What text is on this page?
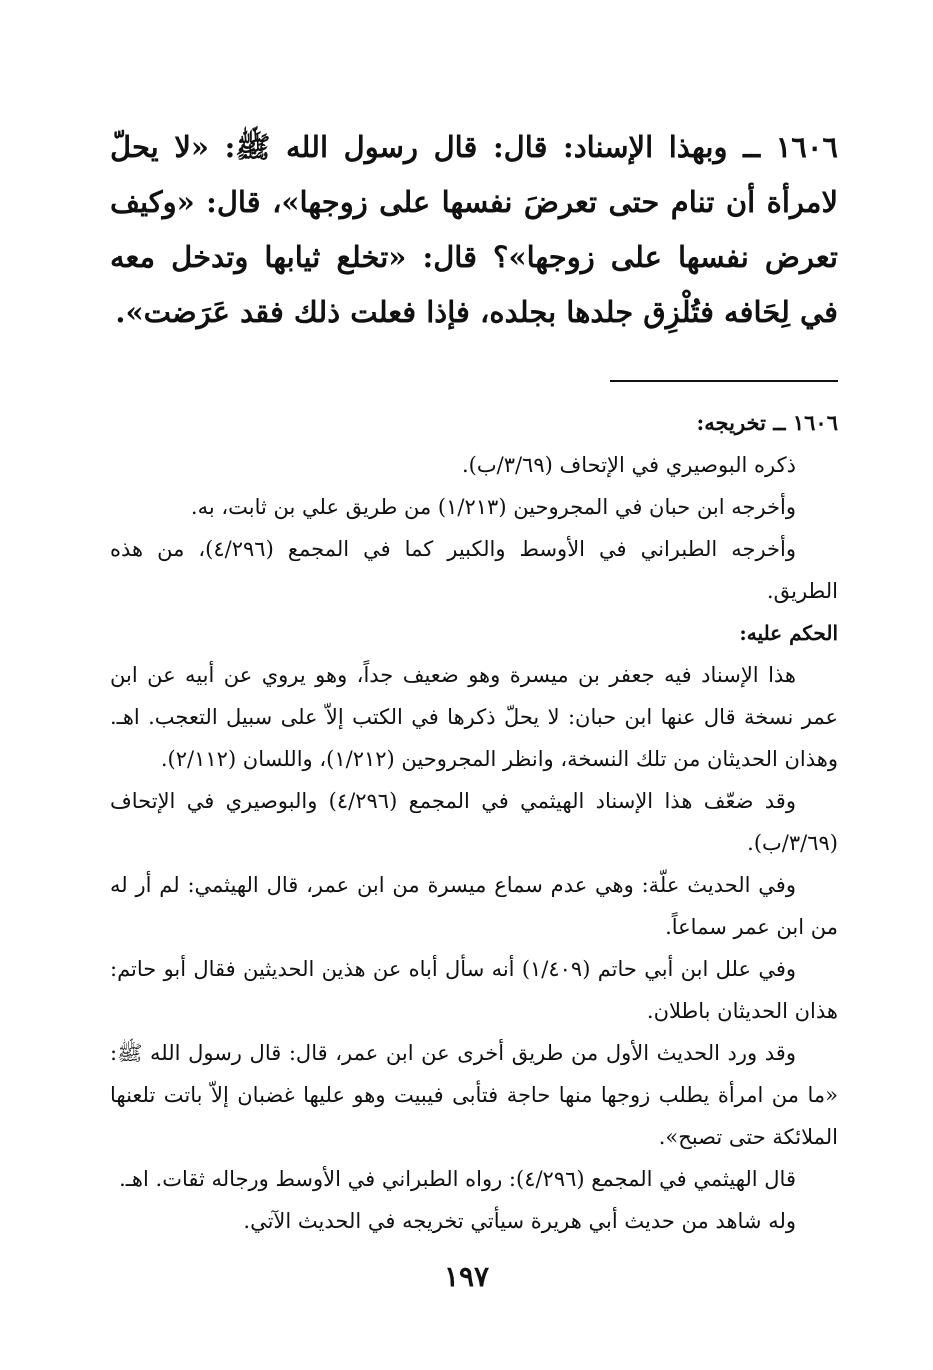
١٦٠٦ ــ وبهذا الإسناد: قال: قال رسول الله ﷺ: «لا يحلّ لامرأة أن تنام حتى تعرضَ نفسها على زوجها»، قال: «وكيف تعرض نفسها على زوجها»؟ قال: «تخلع ثيابها وتدخل معه في لِحَافه فتُلْزِق جلدها بجلده، فإذا فعلت ذلك فقد عَرَضت».

١٦٠٦ ــ تخريجه:

ذكره البوصيري في الإتحاف (٣/٦٩/ب).

وأخرجه ابن حبان في المجروحين (١/٢١٣) من طريق علي بن ثابت، به.

وأخرجه الطبراني في الأوسط والكبير كما في المجمع (٤/٢٩٦)، من هذه الطريق.

الحكم عليه:

هذا الإسناد فيه جعفر بن ميسرة وهو ضعيف جداً، وهو يروي عن أبيه عن ابن عمر نسخة قال عنها ابن حبان: لا يحلّ ذكرها في الكتب إلاّ على سبيل التعجب. اهـ. وهذان الحديثان من تلك النسخة، وانظر المجروحين (١/٢١٢)، واللسان (٢/١١٢).

وقد ضعّف هذا الإسناد الهيثمي في المجمع (٤/٢٩٦) والبوصيري في الإتحاف (٣/٦٩/ب).

وفي الحديث علّة: وهي عدم سماع ميسرة من ابن عمر، قال الهيثمي: لم أر له من ابن عمر سماعاً.

وفي علل ابن أبي حاتم (١/٤٠٩) أنه سأل أباه عن هذين الحديثين فقال أبو حاتم: هذان الحديثان باطلان.

وقد ورد الحديث الأول من طريق أخرى عن ابن عمر، قال: قال رسول الله ﷺ: «ما من امرأة يطلب زوجها منها حاجة فتأبى فيبيت وهو عليها غضبان إلاّ باتت تلعنها الملائكة حتى تصبح».

قال الهيثمي في المجمع (٤/٢٩٦): رواه الطبراني في الأوسط ورجاله ثقات. اهـ.

وله شاهد من حديث أبي هريرة سيأتي تخريجه في الحديث الآتي.

١٩٧
